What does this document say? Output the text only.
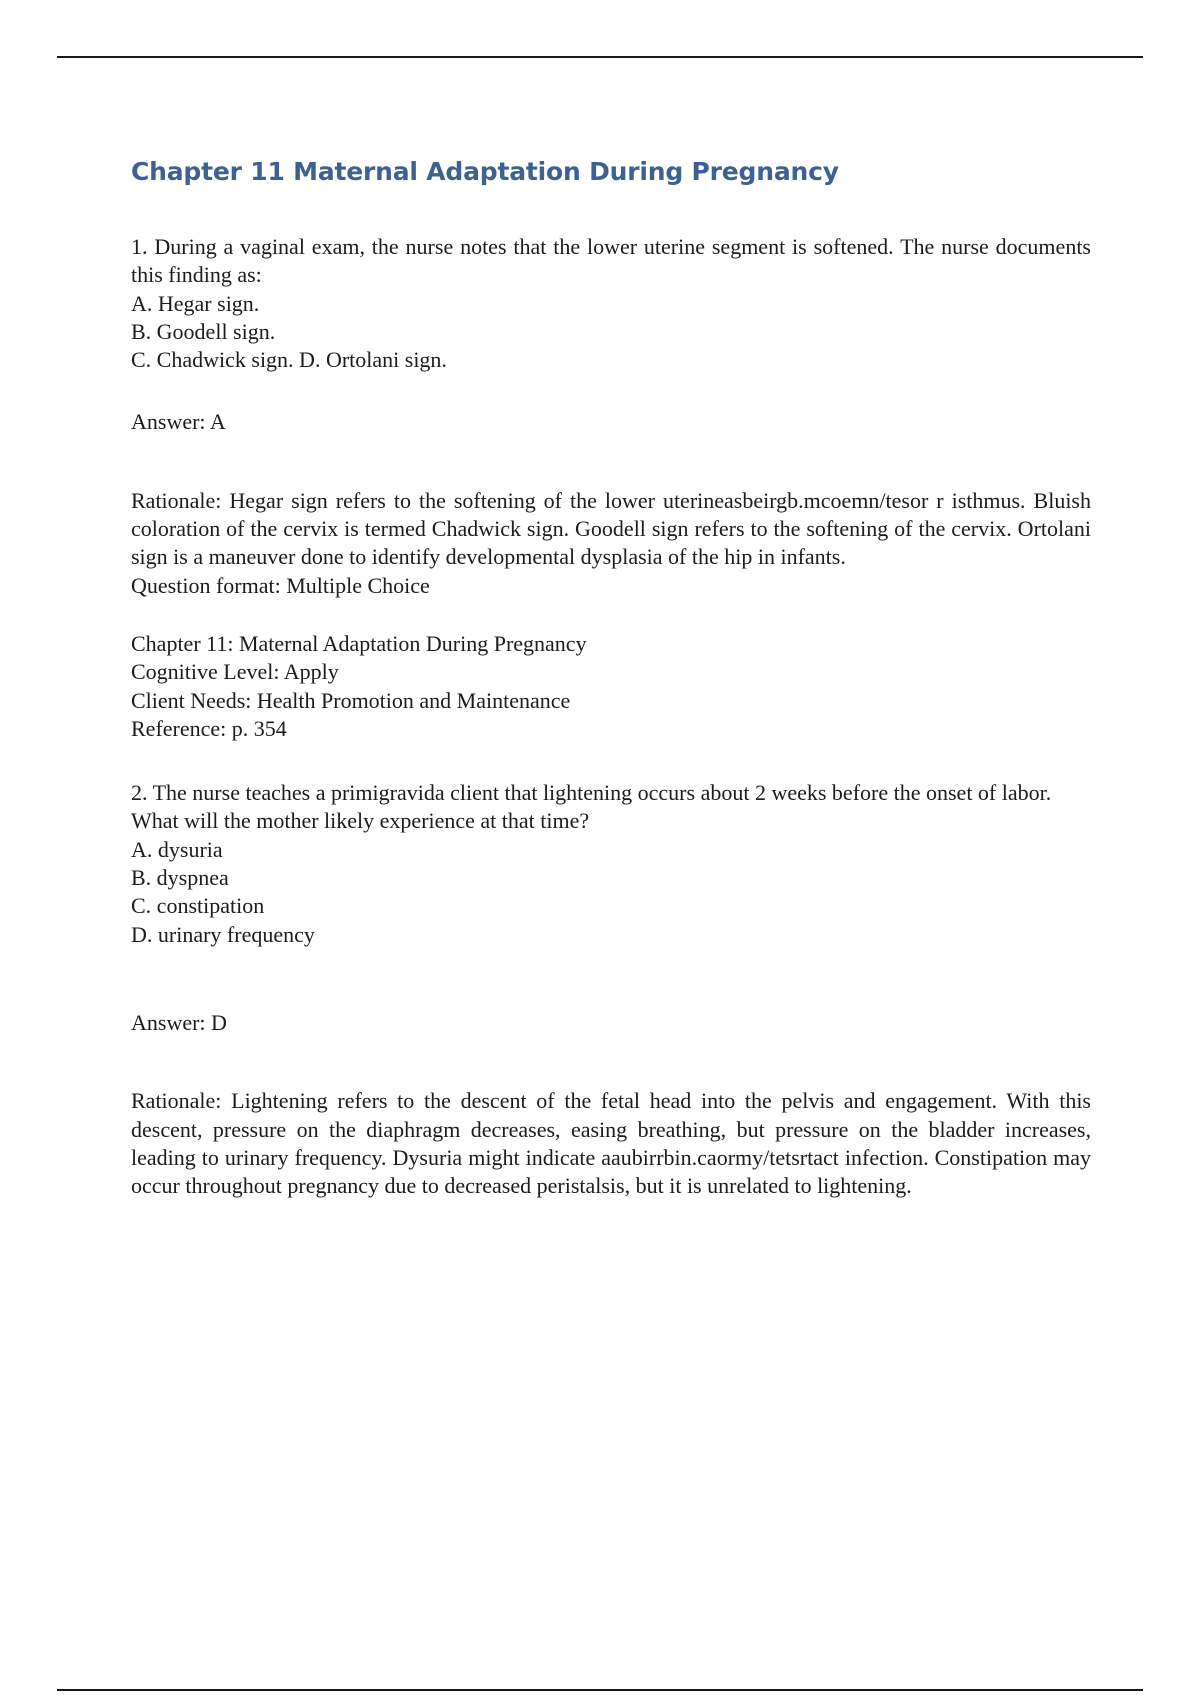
Chapter 11 Maternal Adaptation During Pregnancy

1. During a vaginal exam, the nurse notes that the lower uterine segment is softened. The nurse documents this finding as:

A. Hegar sign.

B. Goodell sign.

C. Chadwick sign. D. Ortolani sign.

Answer: A

Rationale: Hegar sign refers to the softening of the lower uterineasbeirgb.mcoemn/tesor r isthmus. Bluish coloration of the cervix is termed Chadwick sign. Goodell sign refers to the softening of the cervix. Ortolani sign is a maneuver done to identify developmental dysplasia of the hip in infants.

Question format: Multiple Choice

Chapter 11: Maternal Adaptation During Pregnancy

Cognitive Level: Apply

Client Needs: Health Promotion and Maintenance

Reference: p. 354

2. The nurse teaches a primigravida client that lightening occurs about 2 weeks before the onset of labor. What will the mother likely experience at that time?

A. dysuria

B. dyspnea

C. constipation

D. urinary frequency

Answer: D

Rationale: Lightening refers to the descent of the fetal head into the pelvis and engagement. With this descent, pressure on the diaphragm decreases, easing breathing, but pressure on the bladder increases, leading to urinary frequency. Dysuria might indicate aaubirrbin.caormy/tetsrtact infection. Constipation may occur throughout pregnancy due to decreased peristalsis, but it is unrelated to lightening.
